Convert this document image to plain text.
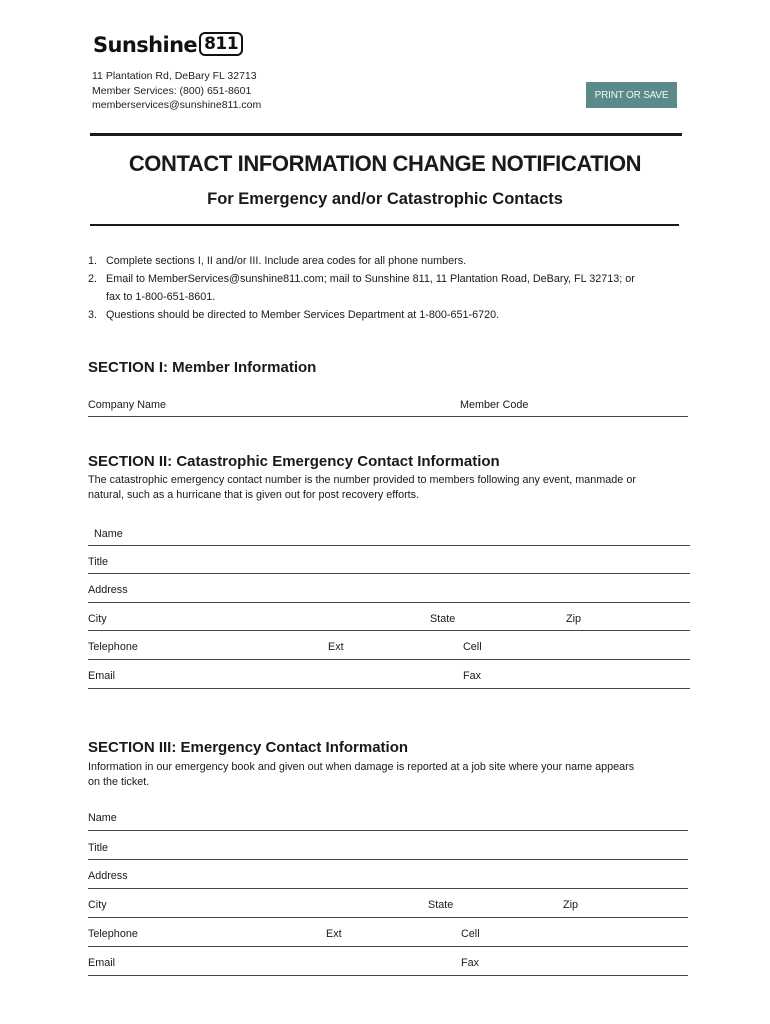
Sunshine 811
11 Plantation Rd, DeBary FL 32713
Member Services: (800) 651-8601
memberservices@sunshine811.com
PRINT OR SAVE
CONTACT INFORMATION CHANGE NOTIFICATION
For Emergency and/or Catastrophic Contacts
1. Complete sections I, II and/or III. Include area codes for all phone numbers.
2. Email to MemberServices@sunshine811.com; mail to Sunshine 811, 11 Plantation Road, DeBary, FL 32713; or
fax to 1-800-651-8601.
3. Questions should be directed to Member Services Department at 1-800-651-6720.
SECTION I: Member Information
Company Name	Member Code
SECTION II: Catastrophic Emergency Contact Information
The catastrophic emergency contact number is the number provided to members following any event, manmade or
natural, such as a hurricane that is given out for post recovery efforts.
Name
Title
Address
City	State	Zip
Telephone	Ext	Cell
Email	Fax
SECTION III: Emergency Contact Information
Information in our emergency book and given out when damage is reported at a job site where your name appears
on the ticket.
Name
Title
Address
City	State	Zip
Telephone	Ext	Cell
Email	Fax
